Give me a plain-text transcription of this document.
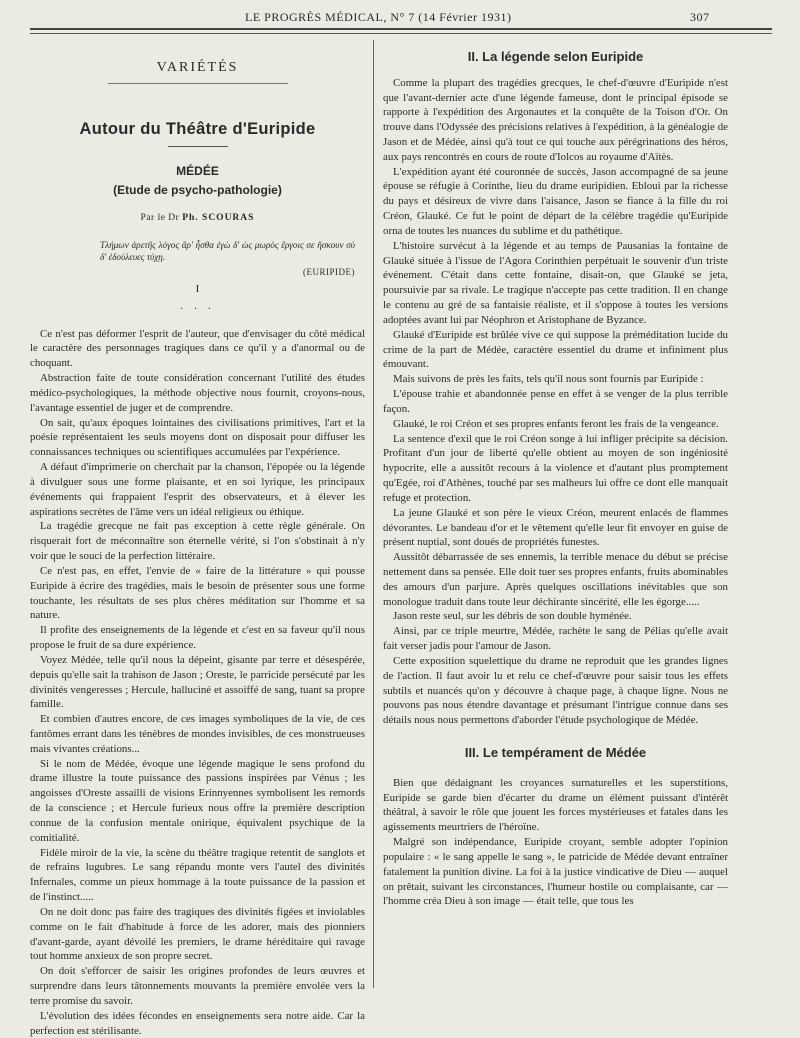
LE PROGRÈS MÉDICAL, N° 7 (14 Février 1931)	307
VARIÉTÉS
Autour du Théâtre d'Euripide
MÉDÉE
(Etude de psycho-pathologie)
Par le Dr Ph. SCOURAS
Τλήμων ἀρετῆς λόγος ἄρ' ἦσθα ἐγὼ δ' ὡς μωρὸς ἔργοις σε ἤσκουν σὺ δ' ἐδούλευες τύχῃ.
(EURIPIDE)
I
· · ·

Ce n'est pas déformer l'esprit de l'auteur, que d'envisager du côté médical le caractère des personnages tragiques dans ce qu'il y a d'anormal ou de choquant.

Abstraction faite de toute considération concernant l'utilité des études médico-psychologiques, la méthode objective nous fournit, croyons-nous, l'avantage essentiel de juger et de comprendre.

On sait, qu'aux époques lointaines des civilisations primitives, l'art et la poésie représentaient les seuls moyens dont on disposait pour diffuser les connaissances techniques ou scientifiques accumulées par l'expérience.

A défaut d'imprimerie on cherchait par la chanson, l'épopée ou la légende à divulguer sous une forme plaisante, et en soi lyrique, les principaux événements qui frappaient l'esprit des observateurs, et à élever les aspirations secrètes de l'âme vers un idéal religieux ou éthique.

La tragédie grecque ne fait pas exception à cette règle générale. On risquerait fort de méconnaître son éternelle vérité, si l'on s'obstinait à n'y voir que le souci de la perfection littéraire.

Ce n'est pas, en effet, l'envie de « faire de la littérature » qui pousse Euripide à écrire des tragédies, mais le besoin de présenter sous une forme touchante, les résultats de ses plus chères méditation sur l'homme et sa nature.

Il profite des enseignements de la légende et c'est en sa faveur qu'il nous propose le fruit de sa dure expérience.

Voyez Médée, telle qu'il nous la dépeint, gisante par terre et désespérée, depuis qu'elle sait la trahison de Jason ; Oreste, le parricide persécuté par les divinités vengeresses ; Hercule, halluciné et assoiffé de sang, tuant sa propre famille.

Et combien d'autres encore, de ces images symboliques de la vie, de ces fantômes errant dans les ténèbres de mondes invisibles, de ces monstrueuses mais vivantes créations...

Si le nom de Médée, évoque une légende magique le sens profond du drame illustre la toute puissance des passions inspirées par Vénus ; les angoisses d'Oreste assailli de visions Erinnyennes symbolisent les remords de la conscience ; et Hercule furieux nous offre la première description connue de la confusion mentale onirique, équivalent psychique de la comitialité.

Fidèle miroir de la vie, la scène du théâtre tragique retentit de sanglots et de refrains lugubres. Le sang répandu monte vers l'autel des divinités Infernales, comme un pieux hommage à la toute puissance de la passion et de l'instinct.....

On ne doit donc pas faire des tragiques des divinités figées et inviolables comme on le fait d'habitude à force de les adorer, mais des pionniers d'avant-garde, ayant dévoilé les premiers, le drame héréditaire qui ravage tout homme anxieux de son propre secret.

On doit s'efforcer de saisir les origines profondes de leurs œuvres et surprendre dans leurs tâtonnements mouvants la première envolée vers la terre promise du savoir.

L'évolution des idées fécondes en enseignements sera notre aide. Car la perfection est stérilisante.

II. La légende selon Euripide

Comme la plupart des tragédies grecques, le chef-d'œuvre d'Euripide n'est que l'avant-dernier acte d'une légende fameuse, dont le principal épisode se rapporte à l'expédition des Argonautes et la conquête de la Toison d'Or. On trouve dans l'Odyssée des précisions relatives à l'expédition, à la généalogie de Jason et de Médée, ainsi qu'à tout ce qui touche aux pérégrinations des héros, aux pays rencontrés en cours de route d'Iolcos au royaume d'Aïtès.

L'expédition ayant été couronnée de succès, Jason accompagné de sa jeune épouse se réfugie à Corinthe, lieu du drame euripidien. Ebloui par la richesse du pays et désireux de vivre dans l'aisance, Jason se fiance à la fille du roi Créon, Glauké. Ce fut le point de départ de la célèbre tragédie qu'Euripide orna de toutes les nuances du sublime et du pathétique.

L'histoire survécut à la légende et au temps de Pausanias la fontaine de Glauké située à l'issue de l'Agora Corinthien perpétuait le souvenir d'un triste événement. C'était dans cette fontaine, disait-on, que Glauké se jeta, poursuivie par sa rivale. Le tragique n'accepte pas cette tradition. Il en change le contenu au gré de sa fantaisie réaliste, et il s'oppose à toutes les versions adoptées avant lui par Néophron et Aristophane de Byzance.

Glauké d'Euripide est brûlée vive ce qui suppose la préméditation lucide du crime de la part de Médée, caractère essentiel du drame et infiniment plus émouvant.

Mais suivons de près les faits, tels qu'il nous sont fournis par Euripide :

L'épouse trahie et abandonnée pense en effet à se venger de la plus terrible façon.

Glauké, le roi Créon et ses propres enfants feront les frais de la vengeance.

La sentence d'exil que le roi Créon songe à lui infliger précipite sa décision. Profitant d'un jour de liberté qu'elle obtient au moyen de son ingéniosité hypocrite, elle a aussitôt recours à la violence et d'autant plus promptement qu'Egée, roi d'Athènes, touché par ses malheurs lui offre ce dont elle manquait refuge et protection.

La jeune Glauké et son père le vieux Créon, meurent enlacés de flammes dévorantes. Le bandeau d'or et le vêtement qu'elle leur fit envoyer en guise de présent nuptial, sont doués de propriétés funestes.

Aussitôt débarrassée de ses ennemis, la terrible menace du début se précise nettement dans sa pensée. Elle doit tuer ses propres enfants, fruits abominables des amours d'un parjure. Après quelques oscillations inévitables que son monologue traduit dans toute leur déchirante sincérité, elle les égorge.....

Jason reste seul, sur les débris de son double hyménée.

Ainsi, par ce triple meurtre, Médée, rachète le sang de Pélias qu'elle avait fait verser jadis pour l'amour de Jason.

Cette exposition squelettique du drame ne reproduit que les grandes lignes de l'action. Il faut avoir lu et relu ce chef-d'œuvre pour saisir tous les effets subtils et nuancés qu'on y découvre à chaque page, à chaque ligne. Nous ne pouvons pas nous étendre davantage et présumant l'intrigue connue dans ses détails nous nous permettons d'aborder l'étude psychologique de Médée.

III. Le tempérament de Médée

Bien que dédaignant les croyances surnaturelles et les superstitions, Euripide se garde bien d'écarter du drame un élément puissant d'intérêt théâtral, à savoir le rôle que jouent les forces mystérieuses et fatales dans les agissements meurtriers de l'héroïne.

Malgré son indépendance, Euripide croyant, semble adopter l'opinion populaire : « le sang appelle le sang », le patricide de Médée devant entraîner fatalement la punition divine. La foi à la justice vindicative de Dieu — auquel on prêtait, suivant les circonstances, l'humeur hostile ou complaisante, car — l'homme créa Dieu à son image — était telle, que tous les
